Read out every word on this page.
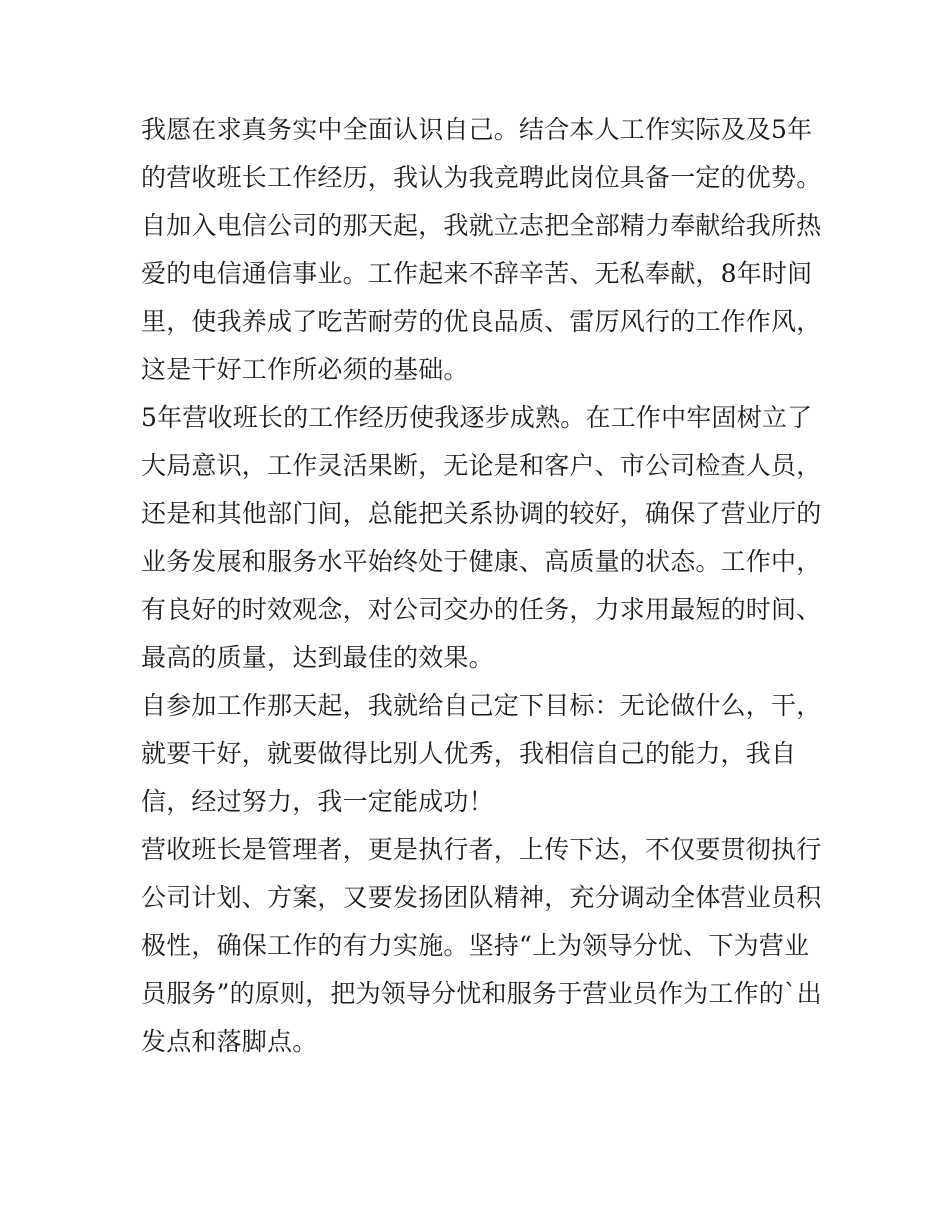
我愿在求真务实中全面认识自己。结合本人工作实际及及5年
的营收班长工作经历，我认为我竞聘此岗位具备一定的优势。
自加入电信公司的那天起，我就立志把全部精力奉献给我所热
爱的电信通信事业。工作起来不辞辛苦、无私奉献，8年时间
里，使我养成了吃苦耐劳的优良品质、雷厉风行的工作作风，
这是干好工作所必须的基础。

5年营收班长的工作经历使我逐步成熟。在工作中牢固树立了
大局意识，工作灵活果断，无论是和客户、市公司检查人员，
还是和其他部门间，总能把关系协调的较好，确保了营业厅的
业务发展和服务水平始终处于健康、高质量的状态。工作中，
有良好的时效观念，对公司交办的任务，力求用最短的时间、
最高的质量，达到最佳的效果。

自参加工作那天起，我就给自己定下目标：无论做什么，干，
就要干好，就要做得比别人优秀，我相信自己的能力，我自
信，经过努力，我一定能成功！

营收班长是管理者，更是执行者，上传下达，不仅要贯彻执行
公司计划、方案，又要发扬团队精神，充分调动全体营业员积
极性，确保工作的有力实施。坚持“上为领导分忧、下为营业
员服务”的原则，把为领导分忧和服务于营业员作为工作的`出
发点和落脚点。
